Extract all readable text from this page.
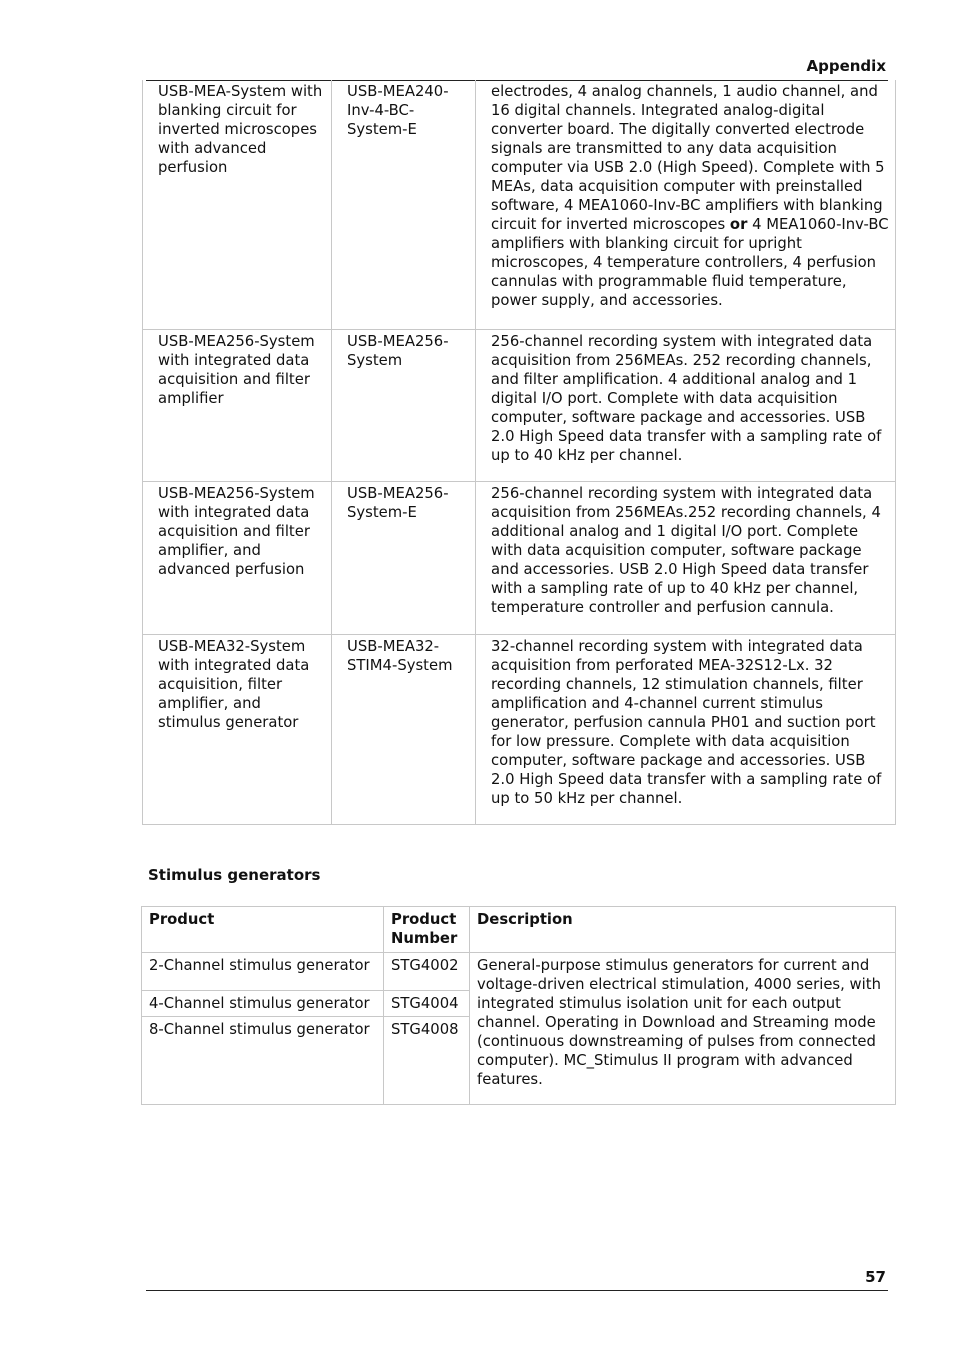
Appendix
USB-MEA-System with blanking circuit for inverted microscopes with advanced perfusion	USB-MEA240-Inv-4-BC-System-E	electrodes, 4 analog channels, 1 audio channel, and 16 digital channels. Integrated analog-digital converter board. The digitally converted electrode signals are transmitted to any data acquisition computer via USB 2.0 (High Speed). Complete with 5 MEAs, data acquisition computer with preinstalled software, 4 MEA1060-Inv-BC amplifiers with blanking circuit for inverted microscopes or 4 MEA1060-Inv-BC amplifiers with blanking circuit for upright microscopes, 4 temperature controllers, 4 perfusion cannulas with programmable fluid temperature, power supply, and accessories.
USB-MEA256-System with integrated data acquisition and filter amplifier	USB-MEA256-System	256-channel recording system with integrated data acquisition from 256MEAs. 252 recording channels, and filter amplification. 4 additional analog and 1 digital I/O port. Complete with data acquisition computer, software package and accessories. USB 2.0 High Speed data transfer with a sampling rate of up to 40 kHz per channel.
USB-MEA256-System with integrated data acquisition and filter amplifier, and advanced perfusion	USB-MEA256-System-E	256-channel recording system with integrated data acquisition from 256MEAs.252 recording channels, 4 additional analog and 1 digital I/O port. Complete with data acquisition computer, software package and accessories. USB 2.0 High Speed data transfer with a sampling rate of up to 40 kHz per channel, temperature controller and perfusion cannula.
USB-MEA32-System with integrated data acquisition, filter amplifier, and stimulus generator	USB-MEA32-STIM4-System	32-channel recording system with integrated data acquisition from perforated MEA-32S12-Lx. 32 recording channels, 12 stimulation channels, filter amplification and 4-channel current stimulus generator, perfusion cannula PH01 and suction port for low pressure. Complete with data acquisition computer, software package and accessories. USB 2.0 High Speed data transfer with a sampling rate of up to 50 kHz per channel.
Stimulus generators
Product	Product Number	Description
2-Channel stimulus generator	STG4002	General-purpose stimulus generators for current and voltage-driven electrical stimulation, 4000 series, with integrated stimulus isolation unit for each output channel. Operating in Download and Streaming mode (continuous downstreaming of pulses from connected computer). MC_Stimulus II program with advanced features.
4-Channel stimulus generator	STG4004	
8-Channel stimulus generator	STG4008	
57
